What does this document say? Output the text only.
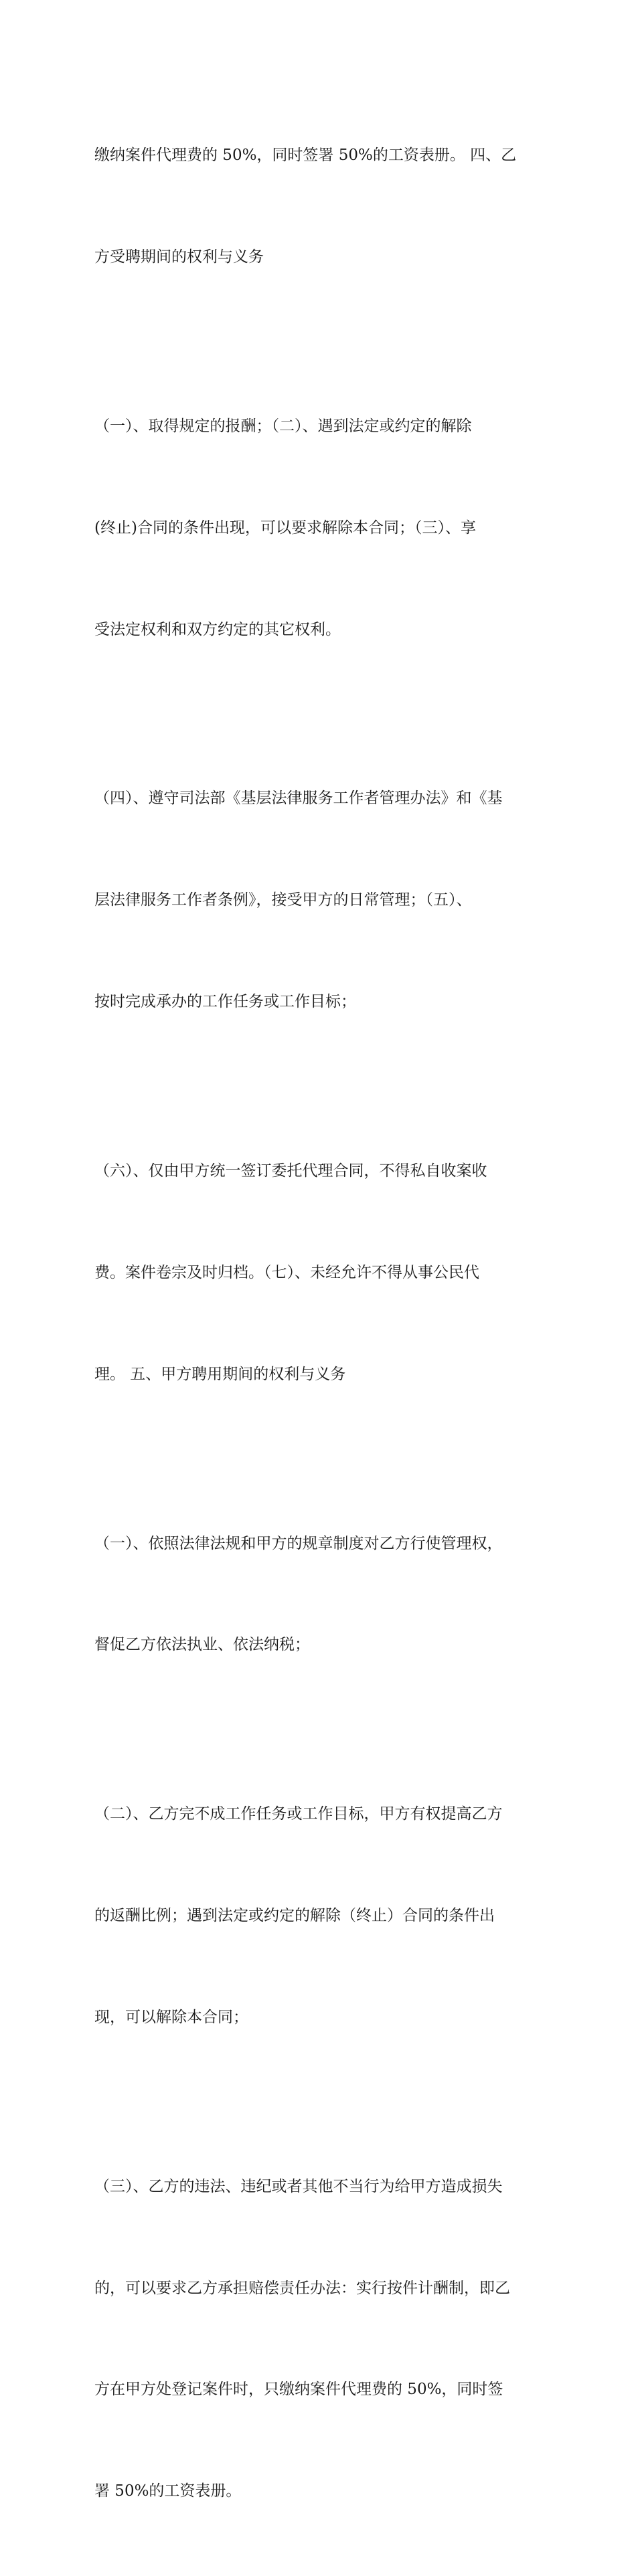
缴纳案件代理费的 50%，同时签署 50%的工资表册。 四、乙

方受聘期间的权利与义务

（一）、取得规定的报酬；（二）、遇到法定或约定的解除

(终止)合同的条件出现，可以要求解除本合同；（三）、享

受法定权利和双方约定的其它权利。

（四）、遵守司法部《基层法律服务工作者管理办法》和《基

层法律服务工作者条例》，接受甲方的日常管理；（五）、

按时完成承办的工作任务或工作目标；

（六）、仅由甲方统一签订委托代理合同，不得私自收案收

费。案件卷宗及时归档。（七）、未经允许不得从事公民代

理。 五、甲方聘用期间的权利与义务

（一）、依照法律法规和甲方的规章制度对乙方行使管理权，

督促乙方依法执业、依法纳税；

（二）、乙方完不成工作任务或工作目标，甲方有权提高乙方

的返酬比例；遇到法定或约定的解除（终止）合同的条件出

现，可以解除本合同；

（三）、乙方的违法、违纪或者其他不当行为给甲方造成损失

的，可以要求乙方承担赔偿责任办法：实行按件计酬制，即乙

方在甲方处登记案件时，只缴纳案件代理费的 50%，同时签

署 50%的工资表册。
